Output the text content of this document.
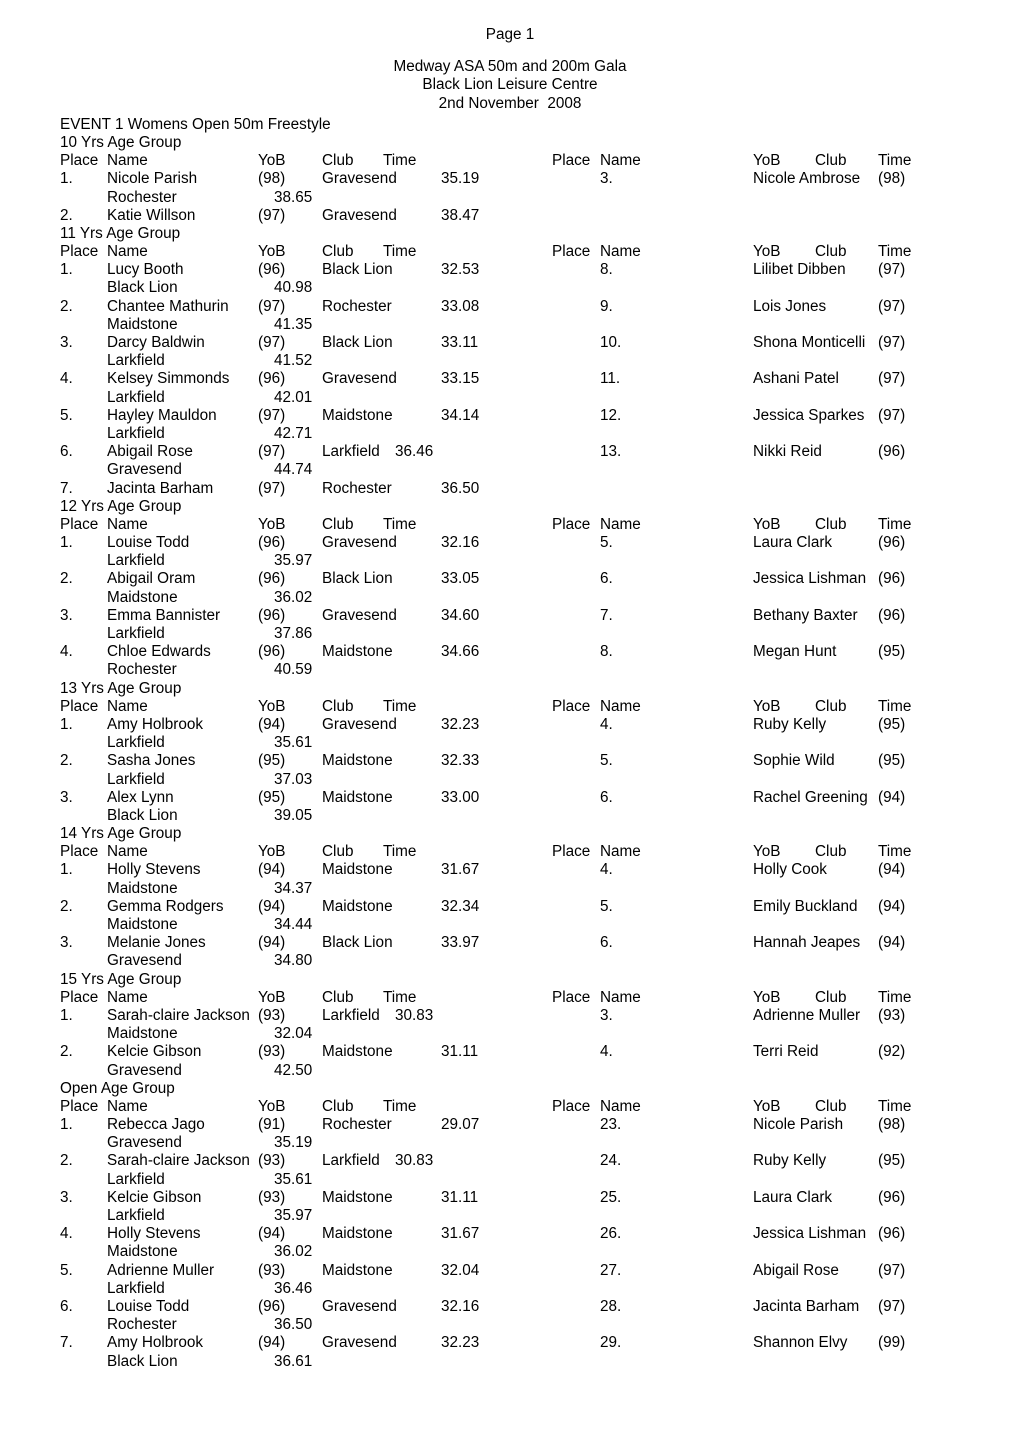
Page 1
Medway ASA 50m and 200m Gala
Black Lion Leisure Centre
2nd November  2008

EVENT 1 Womens Open 50m Freestyle

10 Yrs Age Group
Place Name	YoB Club Time	Place Name	YoB Club Time
1. Nicole Parish	(98) Gravesend	35.19	3.	Nicole Ambrose (98)
Rochester	38.65
2. Katie Willson	(97) Gravesend	38.47
11 Yrs Age Group
Place Name	YoB Club Time	Place Name	YoB Club Time
1. Lucy Booth	(96) Black Lion	32.53	8.	Lilibet Dibben (97)
Black Lion	40.98
2. Chantee Mathurin (97) Rochester	33.08	9.	Lois Jones	(97)
Maidstone	41.35
3. Darcy Baldwin	(97) Black Lion	33.11	10.	Shona Monticelli (97)
Larkfield	41.52
4. Kelsey Simmonds (96) Gravesend	33.15	11.	Ashani Patel	(97)
Larkfield	42.01
5. Hayley Mauldon	(97) Maidstone	34.14	12.	Jessica Sparkes (97)
Larkfield	42.71
6. Abigail Rose	(97) Larkfield 36.46	13.	Nikki Reid	(96)
Gravesend	44.74
7. Jacinta Barham	(97) Rochester	36.50
12 Yrs Age Group
Place Name	YoB Club Time	Place Name	YoB Club Time
1. Louise Todd	(96) Gravesend	32.16	5.	Laura Clark	(96)
Larkfield	35.97
2. Abigail Oram	(96) Black Lion	33.05	6.	Jessica Lishman (96)
Maidstone	36.02
3. Emma Bannister (96) Gravesend	34.60	7.	Bethany Baxter (96)
Larkfield	37.86
4. Chloe Edwards	(96) Maidstone	34.66	8.	Megan Hunt	(95)
Rochester	40.59
13 Yrs Age Group
Place Name	YoB Club Time	Place Name	YoB Club Time
1. Amy Holbrook	(94) Gravesend	32.23	4.	Ruby Kelly	(95)
Larkfield	35.61
2. Sasha Jones	(95) Maidstone	32.33	5.	Sophie Wild	(95)
Larkfield	37.03
3. Alex Lynn	(95) Maidstone	33.00	6.	Rachel Greening (94)
Black Lion	39.05
14 Yrs Age Group
Place Name	YoB Club Time	Place Name	YoB Club Time
1. Holly Stevens	(94) Maidstone	31.67	4.	Holly Cook	(94)
Maidstone	34.37
2. Gemma Rodgers (94) Maidstone	32.34	5.	Emily Buckland (94)
Maidstone	34.44
3. Melanie Jones	(94) Black Lion	33.97	6.	Hannah Jeapes (94)
Gravesend	34.80
15 Yrs Age Group
Place Name	YoB Club Time	Place Name	YoB Club Time
1. Sarah-claire Jackson (93) Larkfield 30.83	3.	Adrienne Muller (93)
Maidstone	32.04
2. Kelcie Gibson	(93) Maidstone	31.11	4.	Terri Reid	(92)
Gravesend	42.50
Open Age Group
Place Name	YoB Club Time	Place Name	YoB Club Time
1. Rebecca Jago	(91) Rochester	29.07	23.	Nicole Parish (98)
Gravesend	35.19
2. Sarah-claire Jackson (93) Larkfield 30.83	24.	Ruby Kelly	(95)
Larkfield	35.61
3. Kelcie Gibson	(93) Maidstone	31.11	25.	Laura Clark	(96)
Larkfield	35.97
4. Holly Stevens	(94) Maidstone	31.67	26.	Jessica Lishman (96)
Maidstone	36.02
5. Adrienne Muller	(93) Maidstone	32.04	27.	Abigail Rose	(97)
Larkfield	36.46
6. Louise Todd	(96) Gravesend	32.16	28.	Jacinta Barham (97)
Rochester	36.50
7. Amy Holbrook	(94) Gravesend	32.23	29.	Shannon Elvy (99)
Black Lion	36.61
